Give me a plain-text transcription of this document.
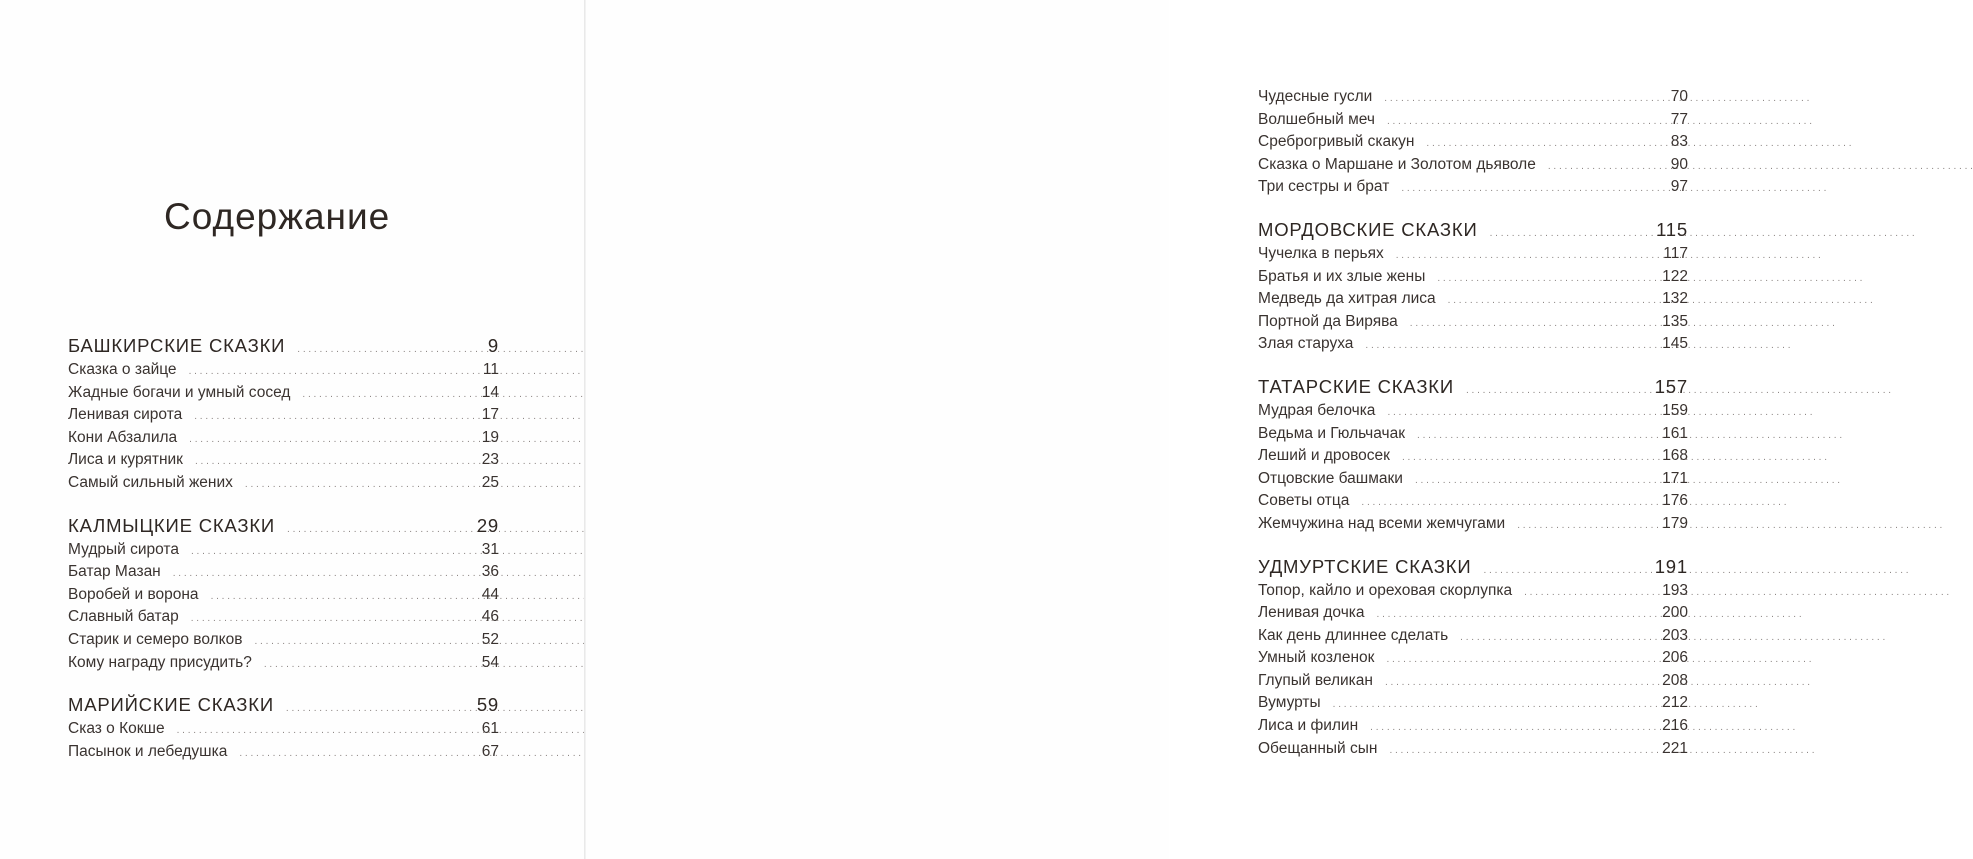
Содержание
БАШКИРСКИЕ СКАЗКИ . . .	9
Сказка о зайце . . .	11
Жадные богачи и умный сосед . . .	14
Ленивая сирота . . .	17
Кони Абзалила . . .	19
Лиса и курятник . . .	23
Самый сильный жених . . .	25
КАЛМЫЦКИЕ СКАЗКИ . . .	29
Мудрый сирота . . .	31
Батар Мазан . . .	36
Воробей и ворона . . .	44
Славный батар . . .	46
Старик и семеро волков . . .	52
Кому награду присудить? . . .	54
МАРИЙСКИЕ СКАЗКИ . . .	59
Сказ о Кокше . . .	61
Пасынок и лебедушка . . .	67
Чудесные гусли . . .	70
Волшебный меч . . .	77
Среброгривый скакун . . .	83
Сказка о Маршане и Золотом дьяволе . . .	90
Три сестры и брат . . .	97
МОРДОВСКИЕ СКАЗКИ . . .	115
Чучелка в перьях . . .	117
Братья и их злые жены . . .	122
Медведь да хитрая лиса . . .	132
Портной да Вирява . . .	135
Злая старуха . . .	145
ТАТАРСКИЕ СКАЗКИ . . .	157
Мудрая белочка . . .	159
Ведьма и Гюльчачак . . .	161
Леший и дровосек . . .	168
Отцовские башмаки . . .	171
Советы отца . . .	176
Жемчужина над всеми жемчугами . . .	179
УДМУРТСКИЕ СКАЗКИ . . .	191
Топор, кайло и ореховая скорлупка . . .	193
Ленивая дочка . . .	200
Как день длиннее сделать . . .	203
Умный козленок . . .	206
Глупый великан . . .	208
Вумурты . . .	212
Лиса и филин . . .	216
Обещанный сын . . .	221
